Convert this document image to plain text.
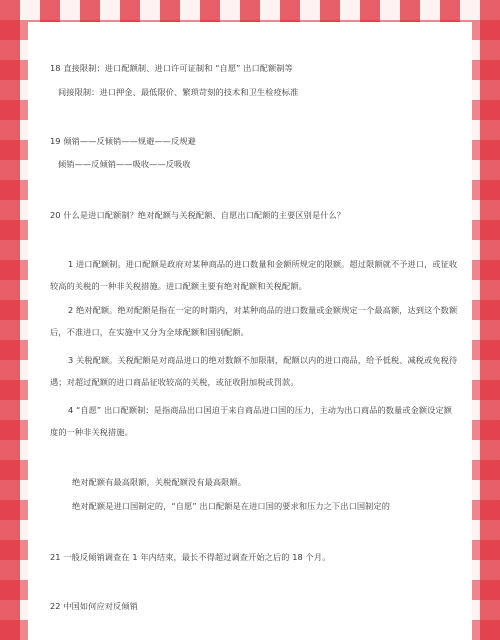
18 直接限制：进口配额制、进口许可证制和 “自愿” 出口配额制等
间接限制：进口押金、最低限价、繁琐苛刻的技术和卫生检疫标准
19 倾销——反倾销——规避——反规避
倾销——反倾销——吸收——反吸收
20 什么是进口配额制？绝对配额与关税配额、自愿出口配额的主要区别是什么？
1 进口配额制。进口配额是政府对某种商品的进口数量和金额所规定的限额。超过限额就不予进口，或征收较高的关税的一种非关税措施。进口配额主要有绝对配额和关税配额。
2 绝对配额。绝对配额是指在一定的时期内，对某种商品的进口数量或金额规定一个最高额，达到这个数额后，不准进口，在实施中又分为全球配额和国别配额。
3 关税配额。关税配额是对商品进口的绝对数额不加限制，配额以内的进口商品，给予低税、减税或免税待遇；对超过配额的进口商品征收较高的关税，或征收附加税或罚款。
4 “自愿” 出口配额制：是指商品出口国迫于来自商品进口国的压力，主动为出口商品的数量或金额设定额度的一种非关税措施。
绝对配额有最高限额，关税配额没有最高限额。
绝对配额是进口国制定的，“自愿” 出口配额是在进口国的要求和压力之下出口国制定的
21 一般反倾销调查在 1 年内结束，最长不得超过调查开始之后的 18 个月。
22 中国如何应对反倾销
